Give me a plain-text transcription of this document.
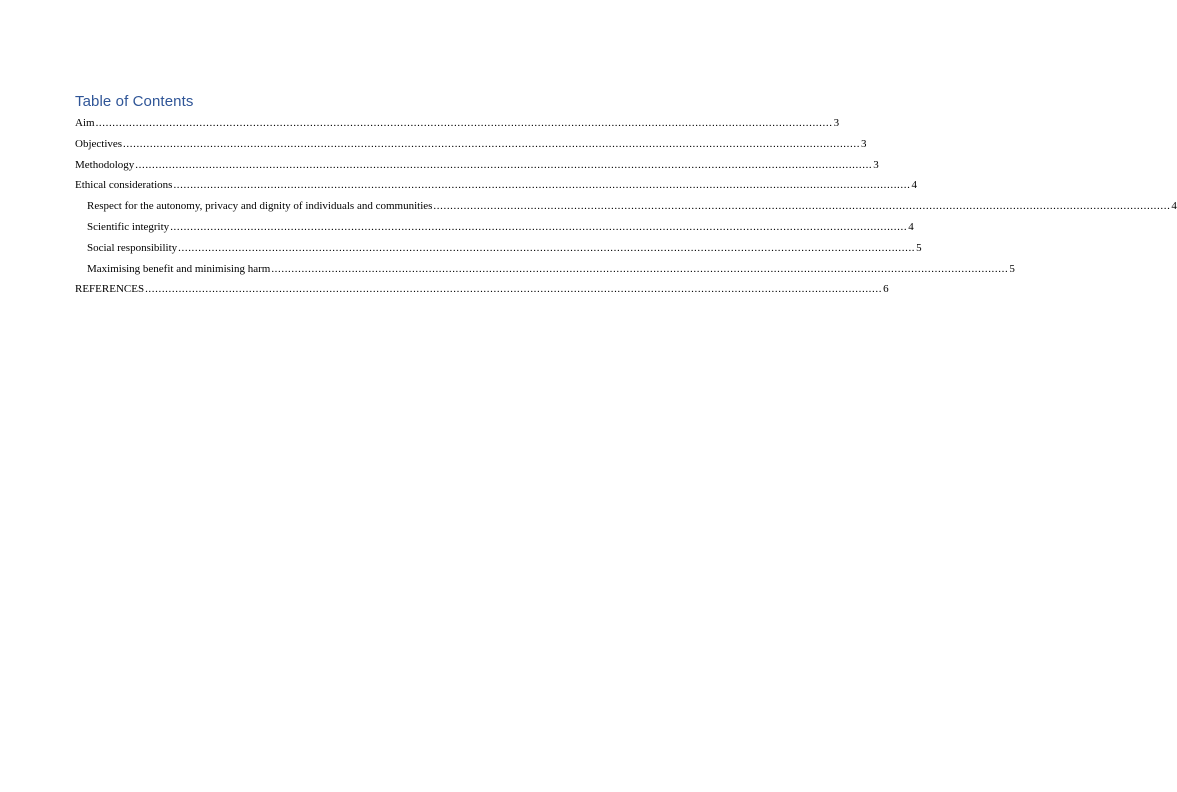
Table of Contents
Aim ............................................................................................................................................................................................................................ 3
Objectives ............................................................................................................................................................................................................................ 3
Methodology ............................................................................................................................................................................................................................ 3
Ethical considerations ............................................................................................................................................................................................................................ 4
Respect for the autonomy, privacy and dignity of individuals and communities ............................................................................................................................................................................................................................ 4
Scientific integrity ............................................................................................................................................................................................................................ 4
Social responsibility ............................................................................................................................................................................................................................ 5
Maximising benefit and minimising harm ............................................................................................................................................................................................................................ 5
REFERENCES ............................................................................................................................................................................................................................ 6
